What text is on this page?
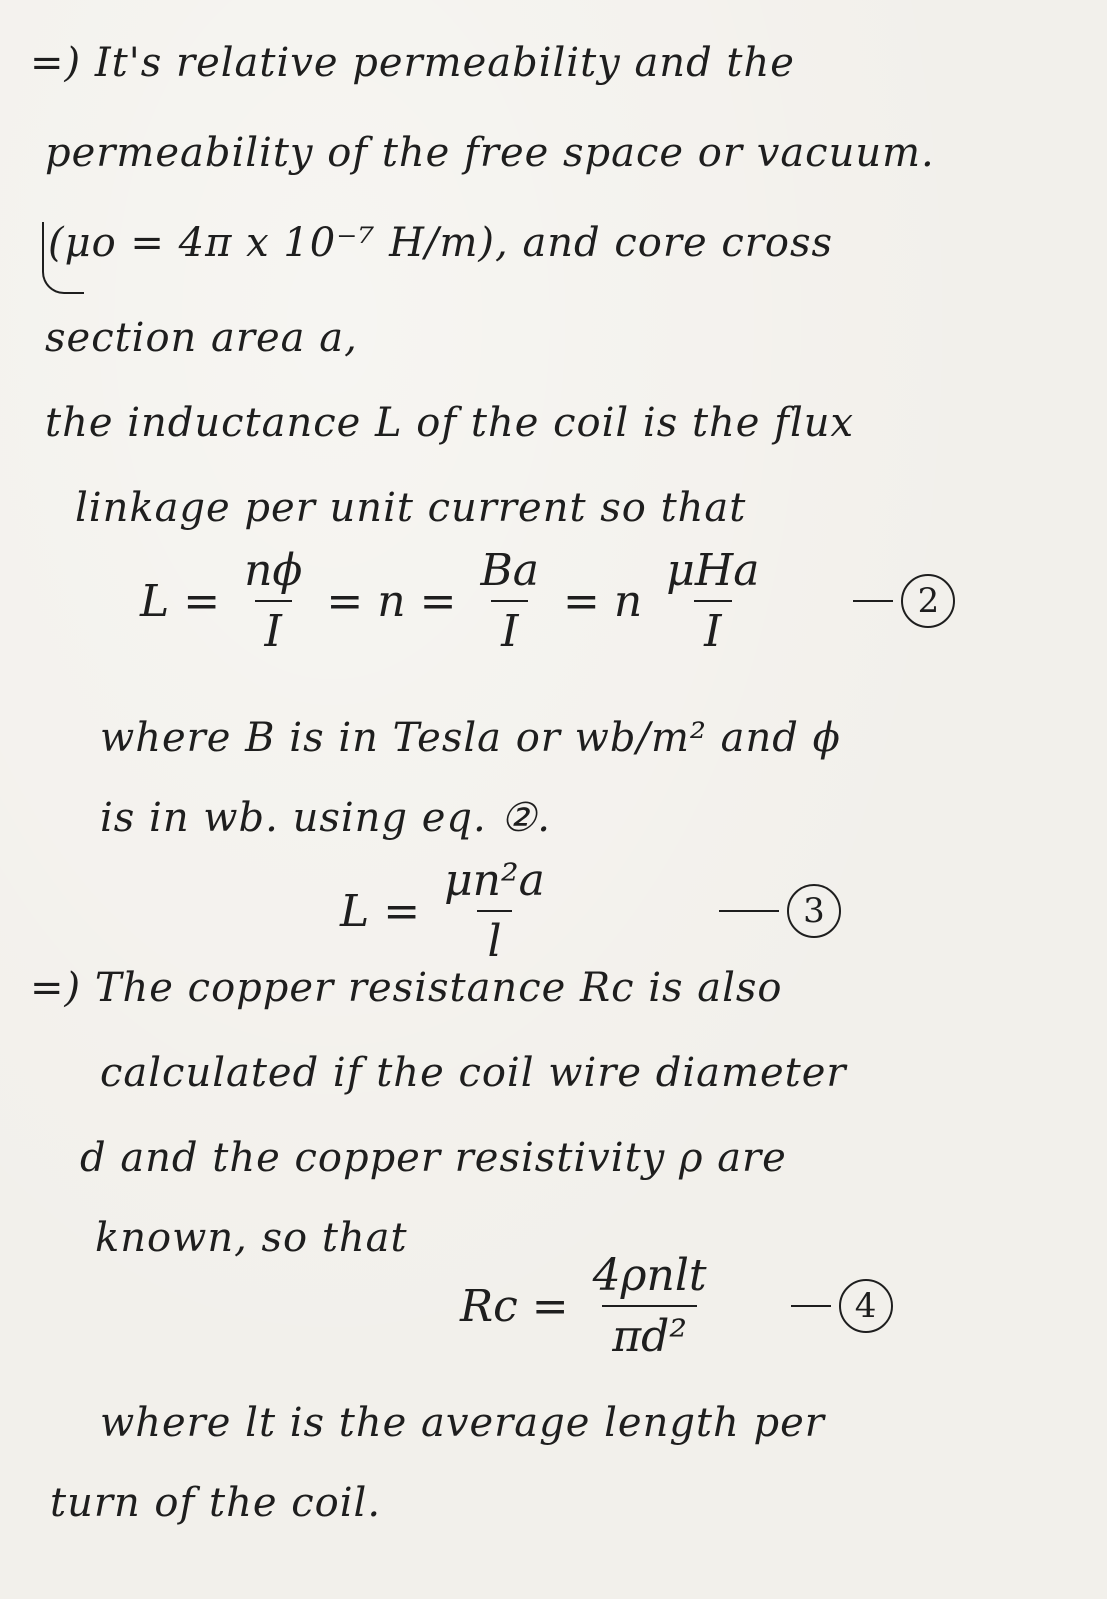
=) It's relative permeability and the
permeability of the free space or vacuum.
(μo = 4π x 10⁻⁷ H/m), and core cross
section area a,
the inductance L of the coil is the flux
linkage per unit current so that
$L = \frac{n\phi}{I} = n = \frac{Ba}{I} = n \frac{\text{μHa}}{I}$	2
where B is in Tesla or wb/m² and ϕ
is in wb. using eq. ②.
$L = \frac{\text{μn²a}}{l}$	3
=) The copper resistance Rc is also
calculated if the coil wire diameter
d and the copper resistivity ρ are
known, so that
$Rc = \frac{\text{4ρnlt}}{\text{πd²}}$	4
where lt is the average length per
turn of the coil.
